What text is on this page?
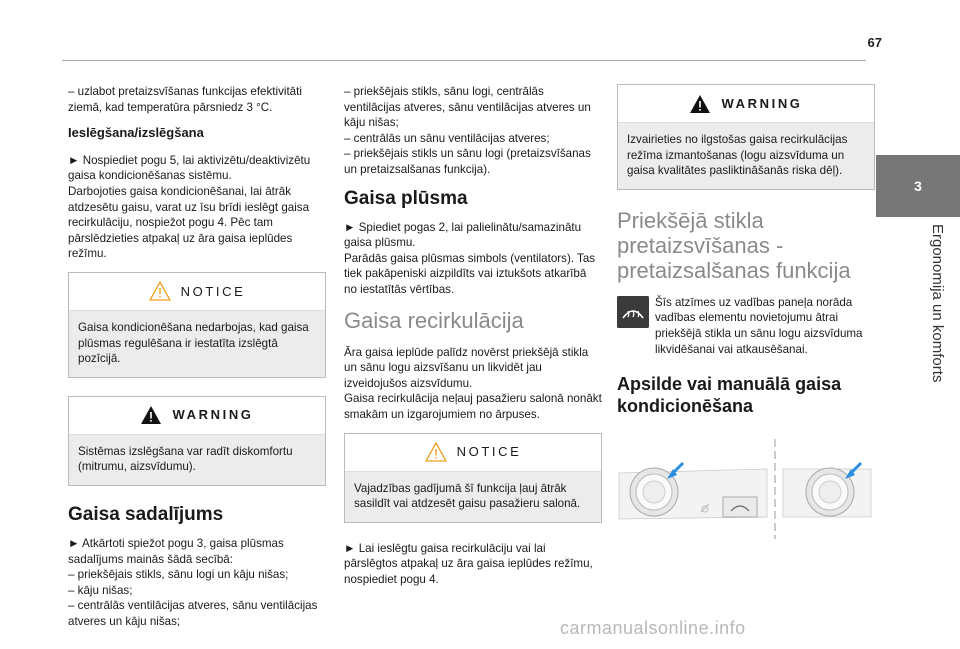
67
3
Ergonomija un komforts

– uzlabot pretaizsvīšanas funkcijas efektivitāti ziemā, kad temperatūra pārsniedz 3 °C.

Ieslēgšana/izslēgšana
► Nospiediet pogu 5, lai aktivizētu/deaktivizētu gaisa kondicionēšanas sistēmu.

Darbojoties gaisa kondicionēšanai, lai ātrāk atdzesētu gaisu, varat uz īsu brīdi ieslēgt gaisa recirkulāciju, nospiežot pogu 4. Pēc tam pārslēdzieties atpakaļ uz āra gaisa ieplūdes režīmu.

NOTICE
Gaisa kondicionēšana nedarbojas, kad gaisa plūsmas regulēšana ir iestatīta izslēgtā pozīcijā.
WARNING
Sistēmas izslēgšana var radīt diskomfortu (mitrumu, aizsvīdumu).
Gaisa sadalījums
► Atkārtoti spiežot pogu 3, gaisa plūsmas sadalījums mainās šādā secībā:
– priekšējais stikls, sānu logi un kāju nišas;
– kāju nišas;
– centrālās ventilācijas atveres, sānu ventilācijas atveres un kāju nišas;
– priekšējais stikls, sānu logi, centrālās ventilācijas atveres, sānu ventilācijas atveres un kāju nišas;
– centrālās un sānu ventilācijas atveres;

– priekšējais stikls un sānu logi (pretaizsvīšanas un pretaizsalšanas funkcija).

Gaisa plūsma
► Spiediet pogas 2, lai palielinātu/samazinātu gaisa plūsmu.

Parādās gaisa plūsmas simbols (ventilators). Tas tiek pakāpeniski aizpildīts vai iztukšots atkarībā no iestatītās vērtības.

Gaisa recirkulācija
Āra gaisa ieplūde palīdz novērst priekšējā stikla un sānu logu aizsvīšanu un likvidēt jau izveidojušos aizsvīdumu.

Gaisa recirkulācija neļauj pasažieru salonā nonākt smakām un izgarojumiem no ārpuses.

NOTICE
Vajadzības gadījumā šī funkcija ļauj ātrāk sasildīt vai atdzesēt gaisu pasažieru salonā.

► Lai ieslēgtu gaisa recirkulāciju vai lai pārslēgtos atpakaļ uz āra gaisa ieplūdes režīmu, nospiediet pogu 4.

WARNING
Izvairieties no ilgstošas gaisa recirkulācijas režīma izmantošanas (logu aizsvīduma un gaisa kvalitātes pasliktināšanās riska dēļ).
Priekšējā stikla pretaizsvīšanas - pretaizsalšanas funkcija
Šīs atzīmes uz vadības paneļa norāda vadības elementu novietojumu ātrai priekšējā stikla un sānu logu aizsvīduma likvidēšanai vai atkausēšanai.
Apsilde vai manuālā gaisa kondicionēšana
carmanualsonline.info
